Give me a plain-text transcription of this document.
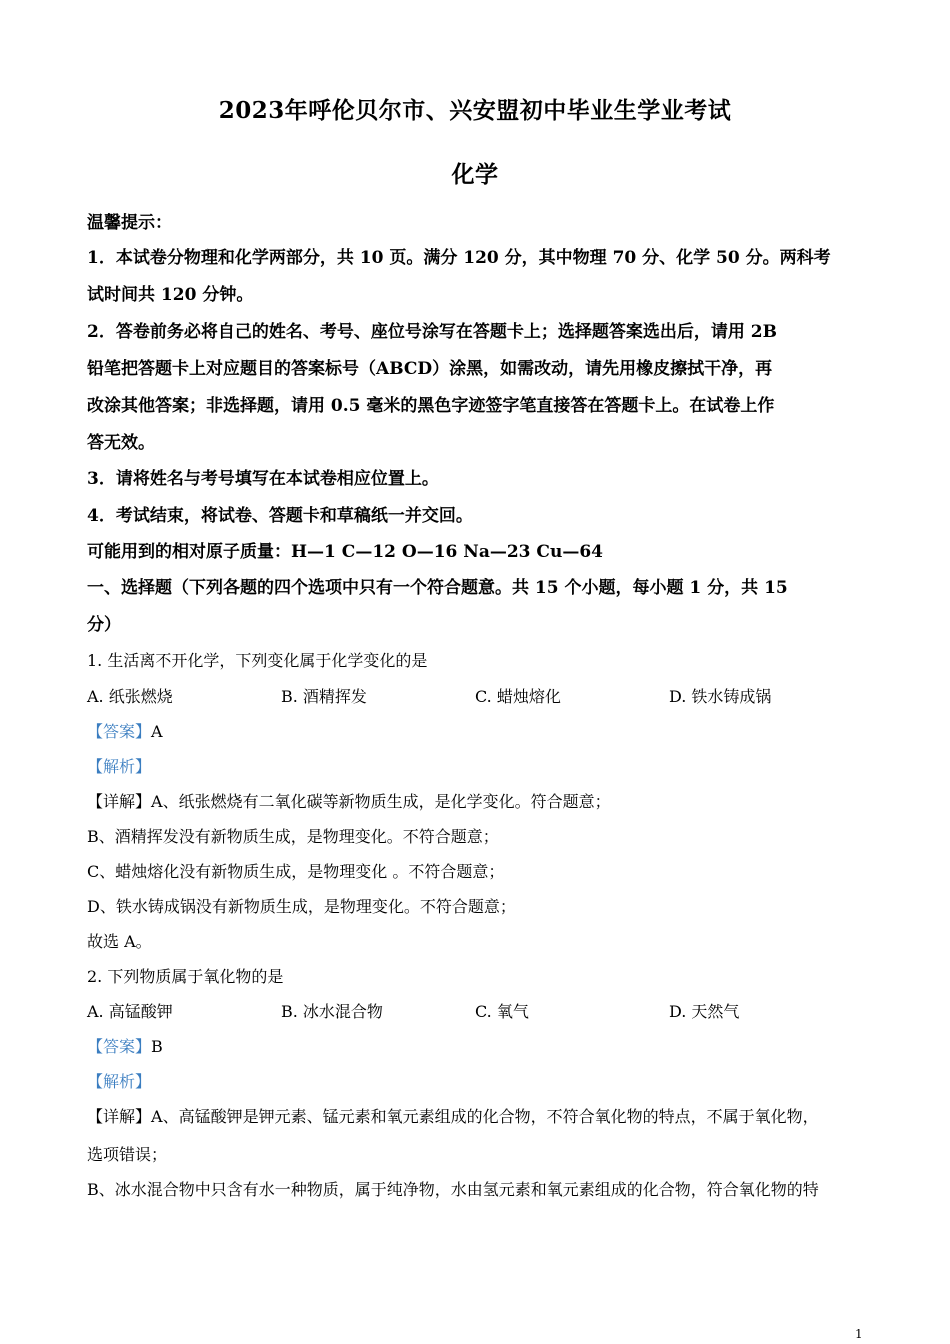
2023年呼伦贝尔市、兴安盟初中毕业生学业考试
化学
温馨提示：
1．本试卷分物理和化学两部分，共 10 页。满分 120 分，其中物理 70 分、化学 50 分。两科考
试时间共 120 分钟。
2．答卷前务必将自己的姓名、考号、座位号涂写在答题卡上；选择题答案选出后，请用 2B
铅笔把答题卡上对应题目的答案标号（ABCD）涂黑，如需改动，请先用橡皮擦拭干净，再
改涂其他答案；非选择题，请用 0.5 毫米的黑色字迹签字笔直接答在答题卡上。在试卷上作
答无效。
3．请将姓名与考号填写在本试卷相应位置上。
4．考试结束，将试卷、答题卡和草稿纸一并交回。
可能用到的相对原子质量：H—1 C—12 O—16 Na—23 Cu—64
一、选择题（下列各题的四个选项中只有一个符合题意。共 15 个小题，每小题 1 分，共 15
分）
1. 生活离不开化学，下列变化属于化学变化的是
A. 纸张燃烧	B. 酒精挥发	C. 蜡烛熔化	D. 铁水铸成锅
【答案】A
【解析】
【详解】A、纸张燃烧有二氧化碳等新物质生成，是化学变化。符合题意；
B、酒精挥发没有新物质生成，是物理变化。不符合题意；
C、蜡烛熔化没有新物质生成，是物理变化 。不符合题意；
D、铁水铸成锅没有新物质生成，是物理变化。不符合题意；
故选 A。
2. 下列物质属于氧化物的是
A. 高锰酸钾	B. 冰水混合物	C. 氧气	D. 天然气
【答案】B
【解析】
【详解】A、高锰酸钾是钾元素、锰元素和氧元素组成的化合物，不符合氧化物的特点，不属于氧化物，
选项错误；
B、冰水混合物中只含有水一种物质，属于纯净物，水由氢元素和氧元素组成的化合物，符合氧化物的特
1
